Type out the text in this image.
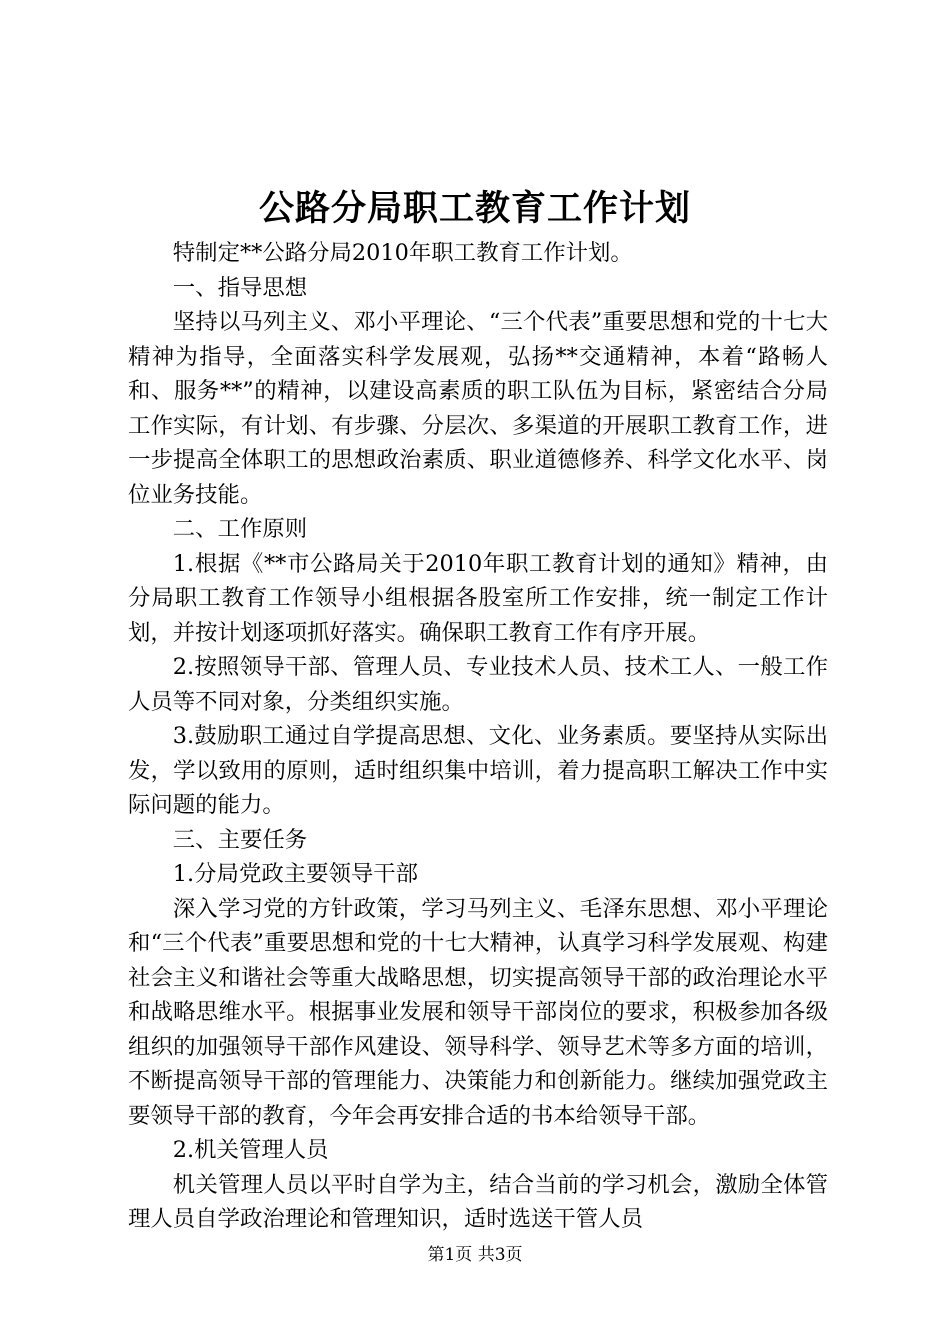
公路分局职工教育工作计划

特制定**公路分局2010年职工教育工作计划。

一、指导思想

坚持以马列主义、邓小平理论、“三个代表”重要思想和党的十七大精神为指导，全面落实科学发展观，弘扬**交通精神，本着“路畅人和、服务**”的精神，以建设高素质的职工队伍为目标，紧密结合分局工作实际，有计划、有步骤、分层次、多渠道的开展职工教育工作，进一步提高全体职工的思想政治素质、职业道德修养、科学文化水平、岗位业务技能。

二、工作原则

1.根据《**市公路局关于2010年职工教育计划的通知》精神，由分局职工教育工作领导小组根据各股室所工作安排，统一制定工作计划，并按计划逐项抓好落实。确保职工教育工作有序开展。

2.按照领导干部、管理人员、专业技术人员、技术工人、一般工作人员等不同对象，分类组织实施。

3.鼓励职工通过自学提高思想、文化、业务素质。要坚持从实际出发，学以致用的原则，适时组织集中培训，着力提高职工解决工作中实际问题的能力。

三、主要任务

1.分局党政主要领导干部

深入学习党的方针政策，学习马列主义、毛泽东思想、邓小平理论和“三个代表”重要思想和党的十七大精神，认真学习科学发展观、构建社会主义和谐社会等重大战略思想，切实提高领导干部的政治理论水平和战略思维水平。根据事业发展和领导干部岗位的要求，积极参加各级组织的加强领导干部作风建设、领导科学、领导艺术等多方面的培训，不断提高领导干部的管理能力、决策能力和创新能力。继续加强党政主要领导干部的教育，今年会再安排合适的书本给领导干部。

2.机关管理人员

机关管理人员以平时自学为主，结合当前的学习机会，激励全体管理人员自学政治理论和管理知识，适时选送干管人员

第1页 共3页
